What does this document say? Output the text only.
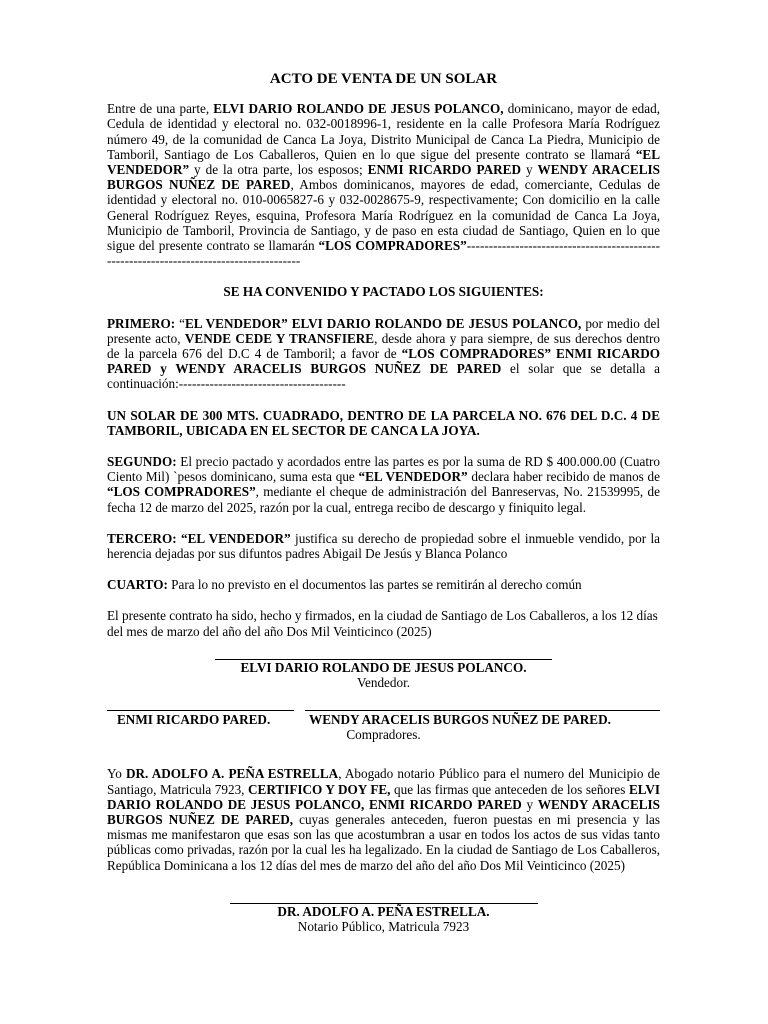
ACTO DE VENTA DE UN SOLAR

Entre de una parte, ELVI DARIO ROLANDO DE JESUS POLANCO, dominicano, mayor de edad, Cedula de identidad y electoral no. 032-0018996-1, residente en la calle Profesora María Rodríguez número 49, de la comunidad de Canca La Joya, Distrito Municipal de Canca La Piedra, Municipio de Tamboril, Santiago de Los Caballeros, Quien en lo que sigue del presente contrato se llamará “EL VENDEDOR” y de la otra parte, los esposos; ENMI RICARDO PARED y WENDY ARACELIS BURGOS NUÑEZ DE PARED, Ambos dominicanos, mayores de edad, comerciante, Cedulas de identidad y electoral no. 010-0065827-6 y 032-0028675-9, respectivamente; Con domicilio en la calle General Rodríguez Reyes, esquina, Profesora María Rodríguez en la comunidad de Canca La Joya, Municipio de Tamboril, Provincia de Santiago, y de paso en esta ciudad de Santiago, Quien en lo que sigue del presente contrato se llamarán “LOS COMPRADORES”----------------------------------------------------------------------------------------

SE HA CONVENIDO Y PACTADO LOS SIGUIENTES:

PRIMERO: “EL VENDEDOR” ELVI DARIO ROLANDO DE JESUS POLANCO, por medio del presente acto, VENDE CEDE Y TRANSFIERE, desde ahora y para siempre, de sus derechos dentro de la parcela 676 del D.C 4 de Tamboril; a favor de “LOS COMPRADORES” ENMI RICARDO PARED y WENDY ARACELIS BURGOS NUÑEZ DE PARED el solar que se detalla a continuación:--------------------------------------

UN SOLAR DE 300 MTS. CUADRADO, DENTRO DE LA PARCELA NO. 676 DEL D.C. 4 DE TAMBORIL, UBICADA EN EL SECTOR DE CANCA LA JOYA.

SEGUNDO: El precio pactado y acordados entre las partes es por la suma de RD $ 400.000.00 (Cuatro Ciento Mil) `pesos dominicano, suma esta que “EL VENDEDOR” declara haber recibido de manos de “LOS COMPRADORES”, mediante el cheque de administración del Banreservas, No. 21539995, de fecha 12 de marzo del 2025, razón por la cual, entrega recibo de descargo y finiquito legal.

TERCERO: “EL VENDEDOR” justifica su derecho de propiedad sobre el inmueble vendido, por la herencia dejadas por sus difuntos padres Abigail De Jesús y Blanca Polanco

CUARTO: Para lo no previsto en el documentos las partes se remitirán al derecho común

El presente contrato ha sido, hecho y firmados, en la ciudad de Santiago de Los Caballeros, a los 12 días del mes de marzo del año del año Dos Mil Veinticinco (2025)

ELVI DARIO ROLANDO DE JESUS POLANCO.
Vendedor.
ENMI RICARDO PARED.	WENDY ARACELIS BURGOS NUÑEZ DE PARED.
Compradores.

Yo DR. ADOLFO A. PEÑA ESTRELLA, Abogado notario Público para el numero del Municipio de Santiago, Matricula 7923, CERTIFICO Y DOY FE, que las firmas que anteceden de los señores ELVI DARIO ROLANDO DE JESUS POLANCO, ENMI RICARDO PARED y WENDY ARACELIS BURGOS NUÑEZ DE PARED, cuyas generales anteceden, fueron puestas en mi presencia y las mismas me manifestaron que esas son las que acostumbran a usar en todos los actos de sus vidas tanto públicas como privadas, razón por la cual les ha legalizado. En la ciudad de Santiago de Los Caballeros, República Dominicana a los 12 días del mes de marzo del año del año Dos Mil Veinticinco (2025)

DR. ADOLFO A. PEÑA ESTRELLA.
Notario Público, Matricula 7923
